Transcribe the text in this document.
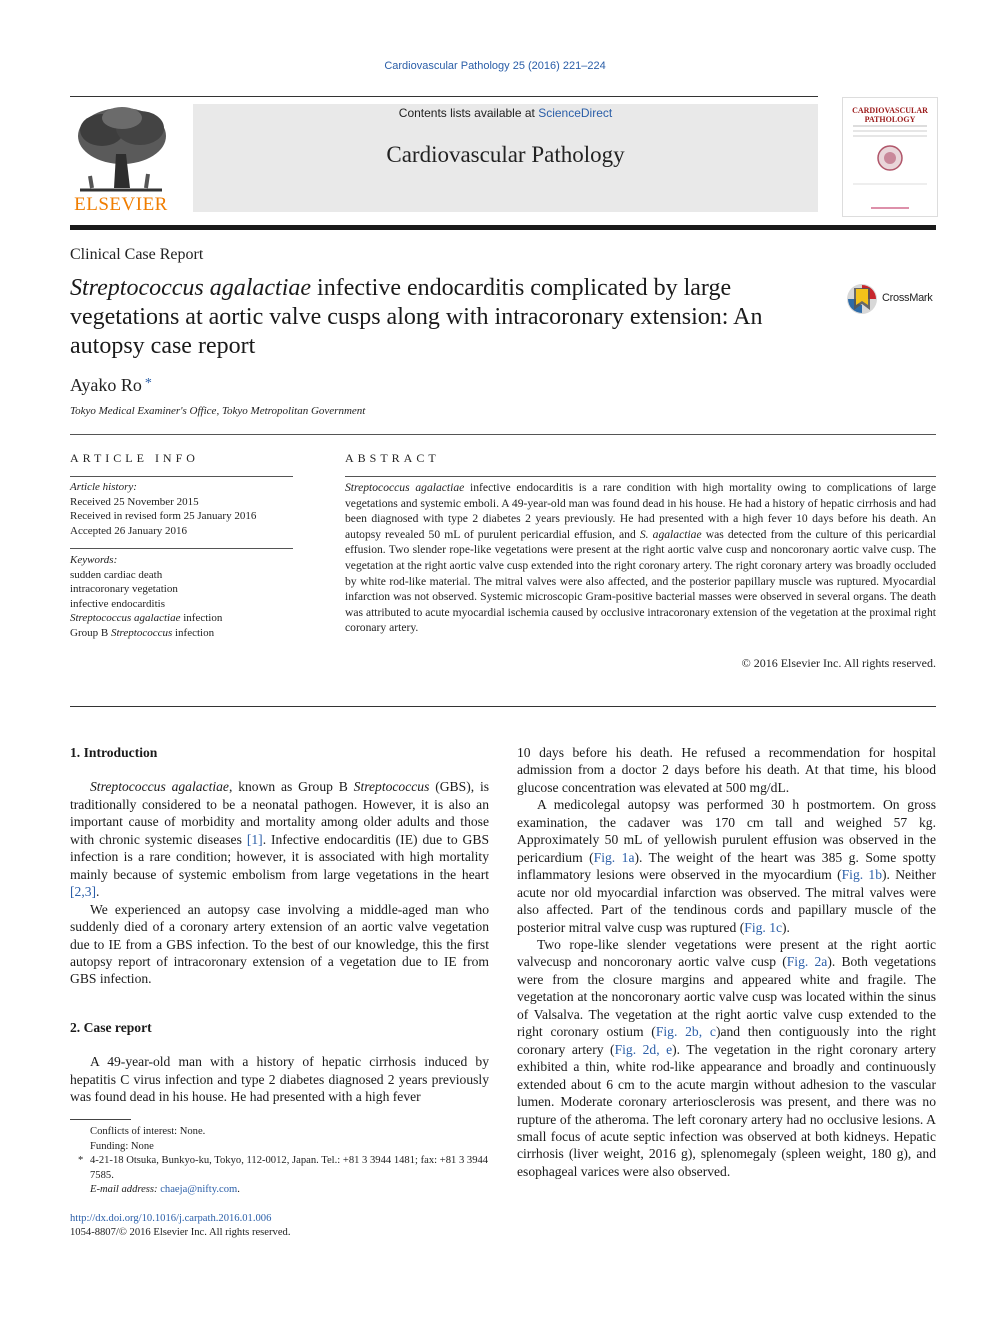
Cardiovascular Pathology 25 (2016) 221–224
ELSEVIER
Contents lists available at ScienceDirect
Cardiovascular Pathology
CARDIOVASCULAR PATHOLOGY
Clinical Case Report
Streptococcus agalactiae infective endocarditis complicated by large vegetations at aortic valve cusps along with intracoronary extension: An autopsy case report
CrossMark
Ayako Ro *
Tokyo Medical Examiner's Office, Tokyo Metropolitan Government
ARTICLE INFO
Article history:
Received 25 November 2015
Received in revised form 25 January 2016
Accepted 26 January 2016
Keywords:
sudden cardiac death
intracoronary vegetation
infective endocarditis
Streptococcus agalactiae infection
Group B Streptococcus infection
ABSTRACT

Streptococcus agalactiae infective endocarditis is a rare condition with high mortality owing to complications of large vegetations and systemic emboli. A 49-year-old man was found dead in his house. He had a history of hepatic cirrhosis and had been diagnosed with type 2 diabetes 2 years previously. He had presented with a high fever 10 days before his death. An autopsy revealed 50 mL of purulent pericardial effusion, and S. agalactiae was detected from the culture of this pericardial effusion. Two slender rope-like vegetations were present at the right aortic valve cusp and noncoronary aortic valve cusp. The vegetation at the right aortic valve cusp extended into the right coronary artery. The right coronary artery was broadly occluded by white rod-like material. The mitral valves were also affected, and the posterior papillary muscle was ruptured. Myocardial infarction was not observed. Systemic microscopic Gram-positive bacterial masses were observed in several organs. The death was attributed to acute myocardial ischemia caused by occlusive intracoronary extension of the vegetation at the proximal right coronary artery.

© 2016 Elsevier Inc. All rights reserved.
1. Introduction

Streptococcus agalactiae, known as Group B Streptococcus (GBS), is traditionally considered to be a neonatal pathogen. However, it is also an important cause of morbidity and mortality among older adults and those with chronic systemic diseases [1]. Infective endocarditis (IE) due to GBS infection is a rare condition; however, it is associated with high mortality mainly because of systemic embolism from large vegetations in the heart [2,3].

We experienced an autopsy case involving a middle-aged man who suddenly died of a coronary artery extension of an aortic valve vegetation due to IE from a GBS infection. To the best of our knowledge, this the first autopsy report of intracoronary extension of a vegetation due to IE from GBS infection.

2. Case report

A 49-year-old man with a history of hepatic cirrhosis induced by hepatitis C virus infection and type 2 diabetes diagnosed 2 years previously was found dead in his house. He had presented with a high fever

Conflicts of interest: None.
Funding: None
* 4-21-18 Otsuka, Bunkyo-ku, Tokyo, 112-0012, Japan. Tel.: +81 3 3944 1481; fax: +81 3 3944 7585.
E-mail address: chaeja@nifty.com.
http://dx.doi.org/10.1016/j.carpath.2016.01.006
1054-8807/© 2016 Elsevier Inc. All rights reserved.

10 days before his death. He refused a recommendation for hospital admission from a doctor 2 days before his death. At that time, his blood glucose concentration was elevated at 500 mg/dL.

A medicolegal autopsy was performed 30 h postmortem. On gross examination, the cadaver was 170 cm tall and weighed 57 kg. Approximately 50 mL of yellowish purulent effusion was observed in the pericardium (Fig. 1a). The weight of the heart was 385 g. Some spotty inflammatory lesions were observed in the myocardium (Fig. 1b). Neither acute nor old myocardial infarction was observed. The mitral valves were also affected. Part of the tendinous cords and papillary muscle of the posterior mitral valve cusp was ruptured (Fig. 1c).

Two rope-like slender vegetations were present at the right aortic valvecusp and noncoronary aortic valve cusp (Fig. 2a). Both vegetations were from the closure margins and appeared white and fragile. The vegetation at the noncoronary aortic valve cusp was located within the sinus of Valsalva. The vegetation at the right aortic valve cusp extended to the right coronary ostium (Fig. 2b, c)and then contiguously into the right coronary artery (Fig. 2d, e). The vegetation in the right coronary artery exhibited a thin, white rod-like appearance and broadly and continuously extended about 6 cm to the acute margin without adhesion to the vascular lumen. Moderate coronary arteriosclerosis was present, and there was no rupture of the atheroma. The left coronary artery had no occlusive lesions. A small focus of acute septic infection was observed at both kidneys. Hepatic cirrhosis (liver weight, 2016 g), splenomegaly (spleen weight, 180 g), and esophageal varices were also observed.
